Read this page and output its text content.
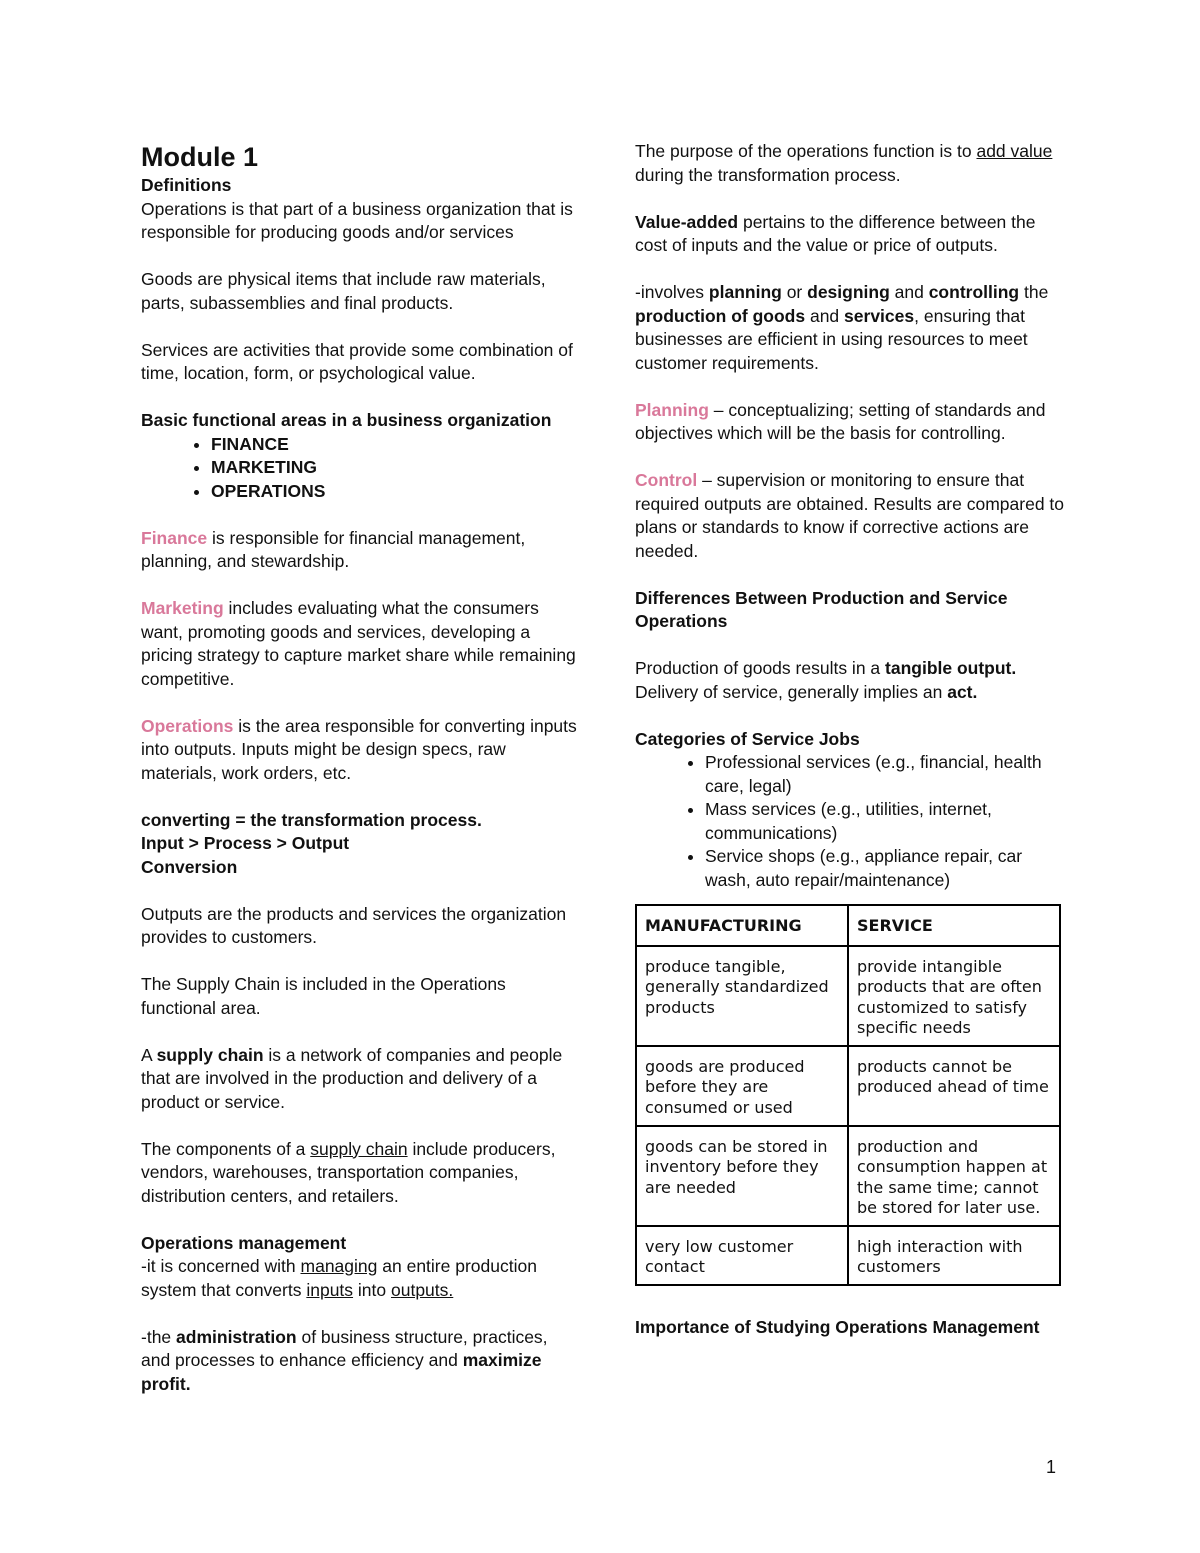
Module 1
Definitions

Operations is that part of a business organization that is responsible for producing goods and/or services

Goods are physical items that include raw materials, parts, subassemblies and final products.

Services are activities that provide some combination of time, location, form, or psychological value.

Basic functional areas in a business organization
• FINANCE
• MARKETING
• OPERATIONS

Finance is responsible for financial management, planning, and stewardship.

Marketing includes evaluating what the consumers want, promoting goods and services, developing a pricing strategy to capture market share while remaining competitive.

Operations is the area responsible for converting inputs into outputs. Inputs might be design specs, raw materials, work orders, etc.

converting = the transformation process.
Input > Process > Output

Conversion

Outputs are the products and services the organization provides to customers.

The Supply Chain is included in the Operations functional area.

A supply chain is a network of companies and people that are involved in the production and delivery of a product or service.

The components of a supply chain include producers, vendors, warehouses, transportation companies, distribution centers, and retailers.

Operations management

-it is concerned with managing an entire production system that converts inputs into outputs.

-the administration of business structure, practices, and processes to enhance efficiency and maximize profit.

The purpose of the operations function is to add value during the transformation process.

Value-added pertains to the difference between the cost of inputs and the value or price of outputs.

-involves planning or designing and controlling the production of goods and services, ensuring that businesses are efficient in using resources to meet customer requirements.

Planning – conceptualizing; setting of standards and objectives which will be the basis for controlling.

Control – supervision or monitoring to ensure that required outputs are obtained. Results are compared to plans or standards to know if corrective actions are needed.

Differences Between Production and Service Operations

Production of goods results in a tangible output.

Delivery of service, generally implies an act.

Categories of Service Jobs
• Professional services (e.g., financial, health care, legal)
• Mass services (e.g., utilities, internet, communications)
• Service shops (e.g., appliance repair, car wash, auto repair/maintenance)
MANUFACTURING	SERVICE
produce tangible, generally standardized products	provide intangible products that are often customized to satisfy specific needs
goods are produced before they are consumed or used	products cannot be produced ahead of time
goods can be stored in inventory before they are needed	production and consumption happen at the same time; cannot be stored for later use.
very low customer contact	high interaction with customers
Importance of Studying Operations Management
1
